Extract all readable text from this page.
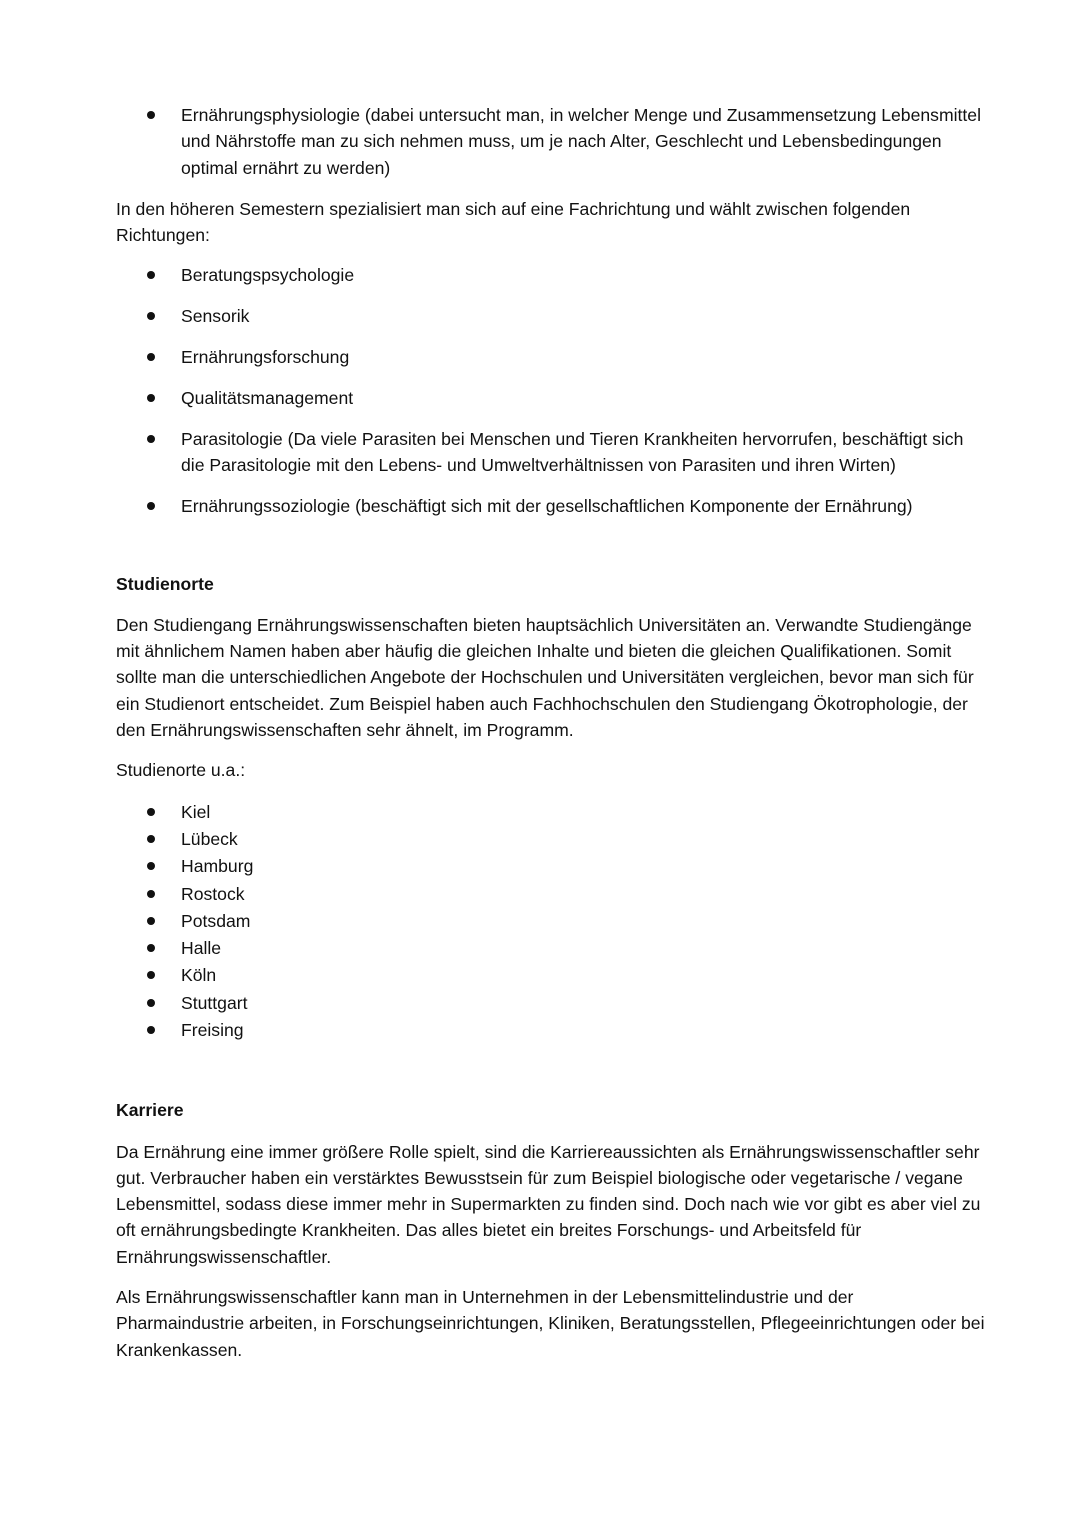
Ernährungsphysiologie (dabei untersucht man, in welcher Menge und Zusammensetzung Lebensmittel und Nährstoffe man zu sich nehmen muss, um je nach Alter, Geschlecht und Lebensbedingungen optimal ernährt zu werden)

In den höheren Semestern spezialisiert man sich auf eine Fachrichtung und wählt zwischen folgenden Richtungen:

Beratungspsychologie
Sensorik
Ernährungsforschung
Qualitätsmanagement
Parasitologie (Da viele Parasiten bei Menschen und Tieren Krankheiten hervorrufen, beschäftigt sich die Parasitologie mit den Lebens- und Umweltverhältnissen von Parasiten und ihren Wirten)
Ernährungssoziologie (beschäftigt sich mit der gesellschaftlichen Komponente der Ernährung)
Studienorte

Den Studiengang Ernährungswissenschaften bieten hauptsächlich Universitäten an. Verwandte Studiengänge mit ähnlichem Namen haben aber häufig die gleichen Inhalte und bieten die gleichen Qualifikationen. Somit sollte man die unterschiedlichen Angebote der Hochschulen und Universitäten vergleichen, bevor man sich für ein Studienort entscheidet. Zum Beispiel haben auch Fachhochschulen den Studiengang Ökotrophologie, der den Ernährungswissenschaften sehr ähnelt, im Programm.

Studienorte u.a.:

Kiel
Lübeck
Hamburg
Rostock
Potsdam
Halle
Köln
Stuttgart
Freising
Karriere

Da Ernährung eine immer größere Rolle spielt, sind die Karriereaussichten als Ernährungswissenschaftler sehr gut. Verbraucher haben ein verstärktes Bewusstsein für zum Beispiel biologische oder vegetarische / vegane Lebensmittel, sodass diese immer mehr in Supermarkten zu finden sind. Doch nach wie vor gibt es aber viel zu oft ernährungsbedingte Krankheiten. Das alles bietet ein breites Forschungs- und Arbeitsfeld für Ernährungswissenschaftler.

Als Ernährungswissenschaftler kann man in Unternehmen in der Lebensmittelindustrie und der Pharmaindustrie arbeiten, in Forschungseinrichtungen, Kliniken, Beratungsstellen, Pflegeeinrichtungen oder bei Krankenkassen.
